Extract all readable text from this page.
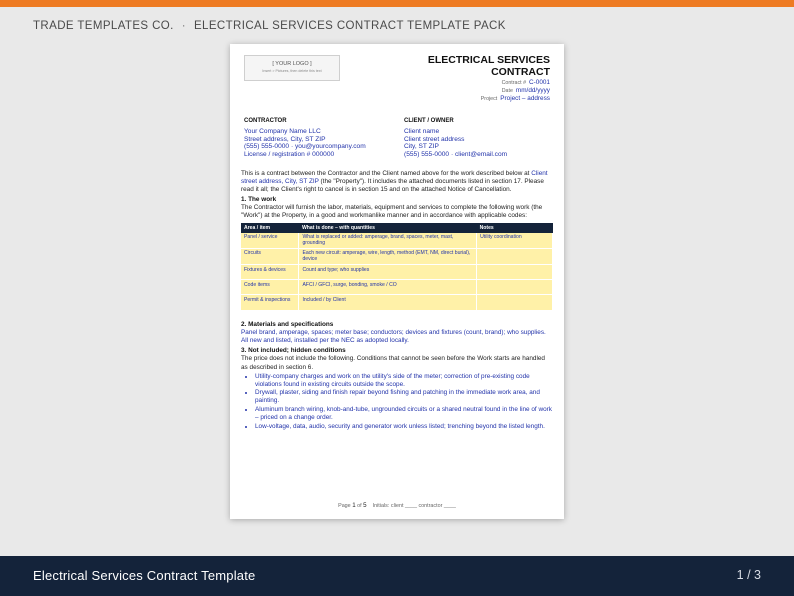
TRADE TEMPLATES CO. · ELECTRICAL SERVICES CONTRACT TEMPLATE PACK
[ YOUR LOGO ]
Insert > Pictures, then delete this text
ELECTRICAL SERVICES
CONTRACT
Contract # C-0001
Date mm/dd/yyyy
Project Project – address
CONTRACTOR
Your Company Name LLC
Street address, City, ST ZIP
(555) 555-0000 · you@yourcompany.com
License / registration # 000000
CLIENT / OWNER
Client name
Client street address
City, ST ZIP
(555) 555-0000 · client@email.com

This is a contract between the Contractor and the Client named above for the work described below at Client street address, City, ST ZIP (the "Property"). It includes the attached documents listed in section 17. Please read it all; the Client's right to cancel is in section 15 and on the attached Notice of Cancellation.

1. The work

The Contractor will furnish the labor, materials, equipment and services to complete the following work (the "Work") at the Property, in a good and workmanlike manner and in accordance with applicable codes:

Area / item	What is done – with quantities	Notes
Panel / service	What is replaced or added: amperage, brand, spaces, meter, mast, grounding	Utility coordination
Circuits	Each new circuit: amperage, wire, length, method (EMT, NM, direct burial), device	
Fixtures & devices	Count and type; who supplies	
Code items	AFCI / GFCI, surge, bonding, smoke / CO	
Permit & inspections	Included / by Client	
2. Materials and specifications

Panel brand, amperage, spaces; meter base; conductors; devices and fixtures (count, brand); who supplies. All new and listed, installed per the NEC as adopted locally.

3. Not included; hidden conditions

The price does not include the following. Conditions that cannot be seen before the Work starts are handled as described in section 6.

• Utility-company charges and work on the utility's side of the meter; correction of pre-existing code violations found in existing circuits outside the scope.
• Drywall, plaster, siding and finish repair beyond fishing and patching in the immediate work area, and painting.
• Aluminum branch wiring, knob-and-tube, ungrounded circuits or a shared neutral found in the line of work – priced on a change order.
• Low-voltage, data, audio, security and generator work unless listed; trenching beyond the listed length.
Page 1 of 5 Initials: client ____ contractor ____
Electrical Services Contract Template	1 / 3
